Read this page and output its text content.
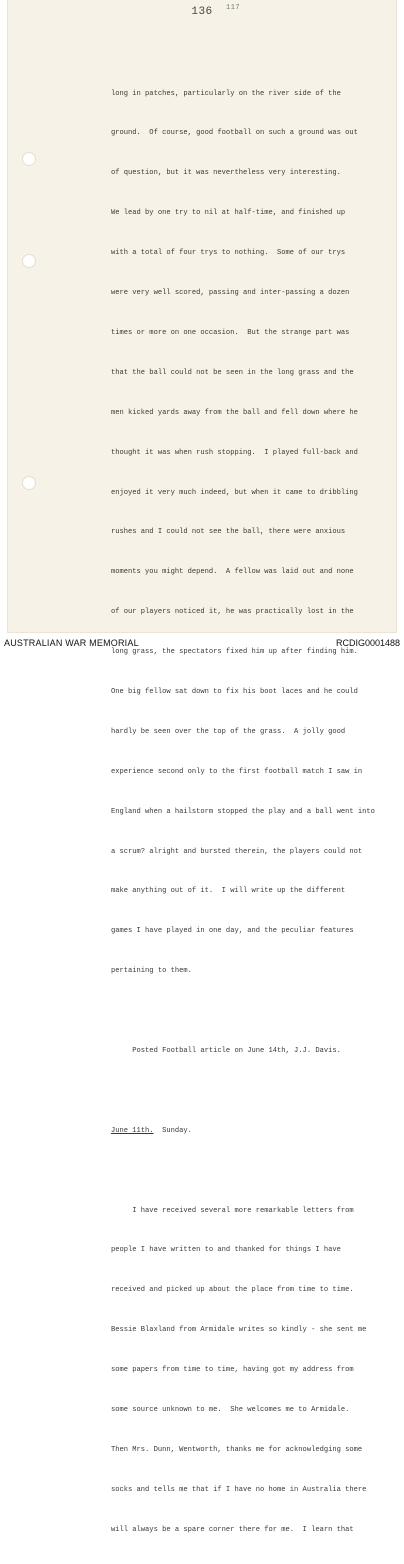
117
136

long in patches, particularly on the river side of the

ground.  Of course, good football on such a ground was out

of question, but it was nevertheless very interesting.

We lead by one try to nil at half-time, and finished up

with a total of four trys to nothing.  Some of our trys

were very well scored, passing and inter-passing a dozen

times or more on one occasion.  But the strange part was

that the ball could not be seen in the long grass and the

men kicked yards away from the ball and fell down where he

thought it was when rush stopping.  I played full-back and

enjoyed it very much indeed, but when it came to dribbling

rushes and I could not see the ball, there were anxious

moments you might depend.  A fellow was laid out and none

of our players noticed it, he was practically lost in the

long grass, the spectators fixed him up after finding him.

One big fellow sat down to fix his boot laces and he could

hardly be seen over the top of the grass.  A jolly good

experience second only to the first football match I saw in

England when a hailstorm stopped the play and a ball went into

a scrum? alright and bursted therein, the players could not

make anything out of it.  I will write up the different

games I have played in one day, and the peculiar features

pertaining to them.

Posted Football article on June 14th, J.J. Davis.

June 11th.  Sunday.

I have received several more remarkable letters from

people I have written to and thanked for things I have

received and picked up about the place from time to time.

Bessie Blaxland from Armidale writes so kindly - she sent me

some papers from time to time, having got my address from

some source unknown to me.  She welcomes me to Armidale.

Then Mrs. Dunn, Wentworth, thanks me for acknowledging some

socks and tells me that if I have no home in Australia there

will always be a spare corner there for me.  I learn that

AUSTRALIAN WAR MEMORIAL	RCDIG0001488
